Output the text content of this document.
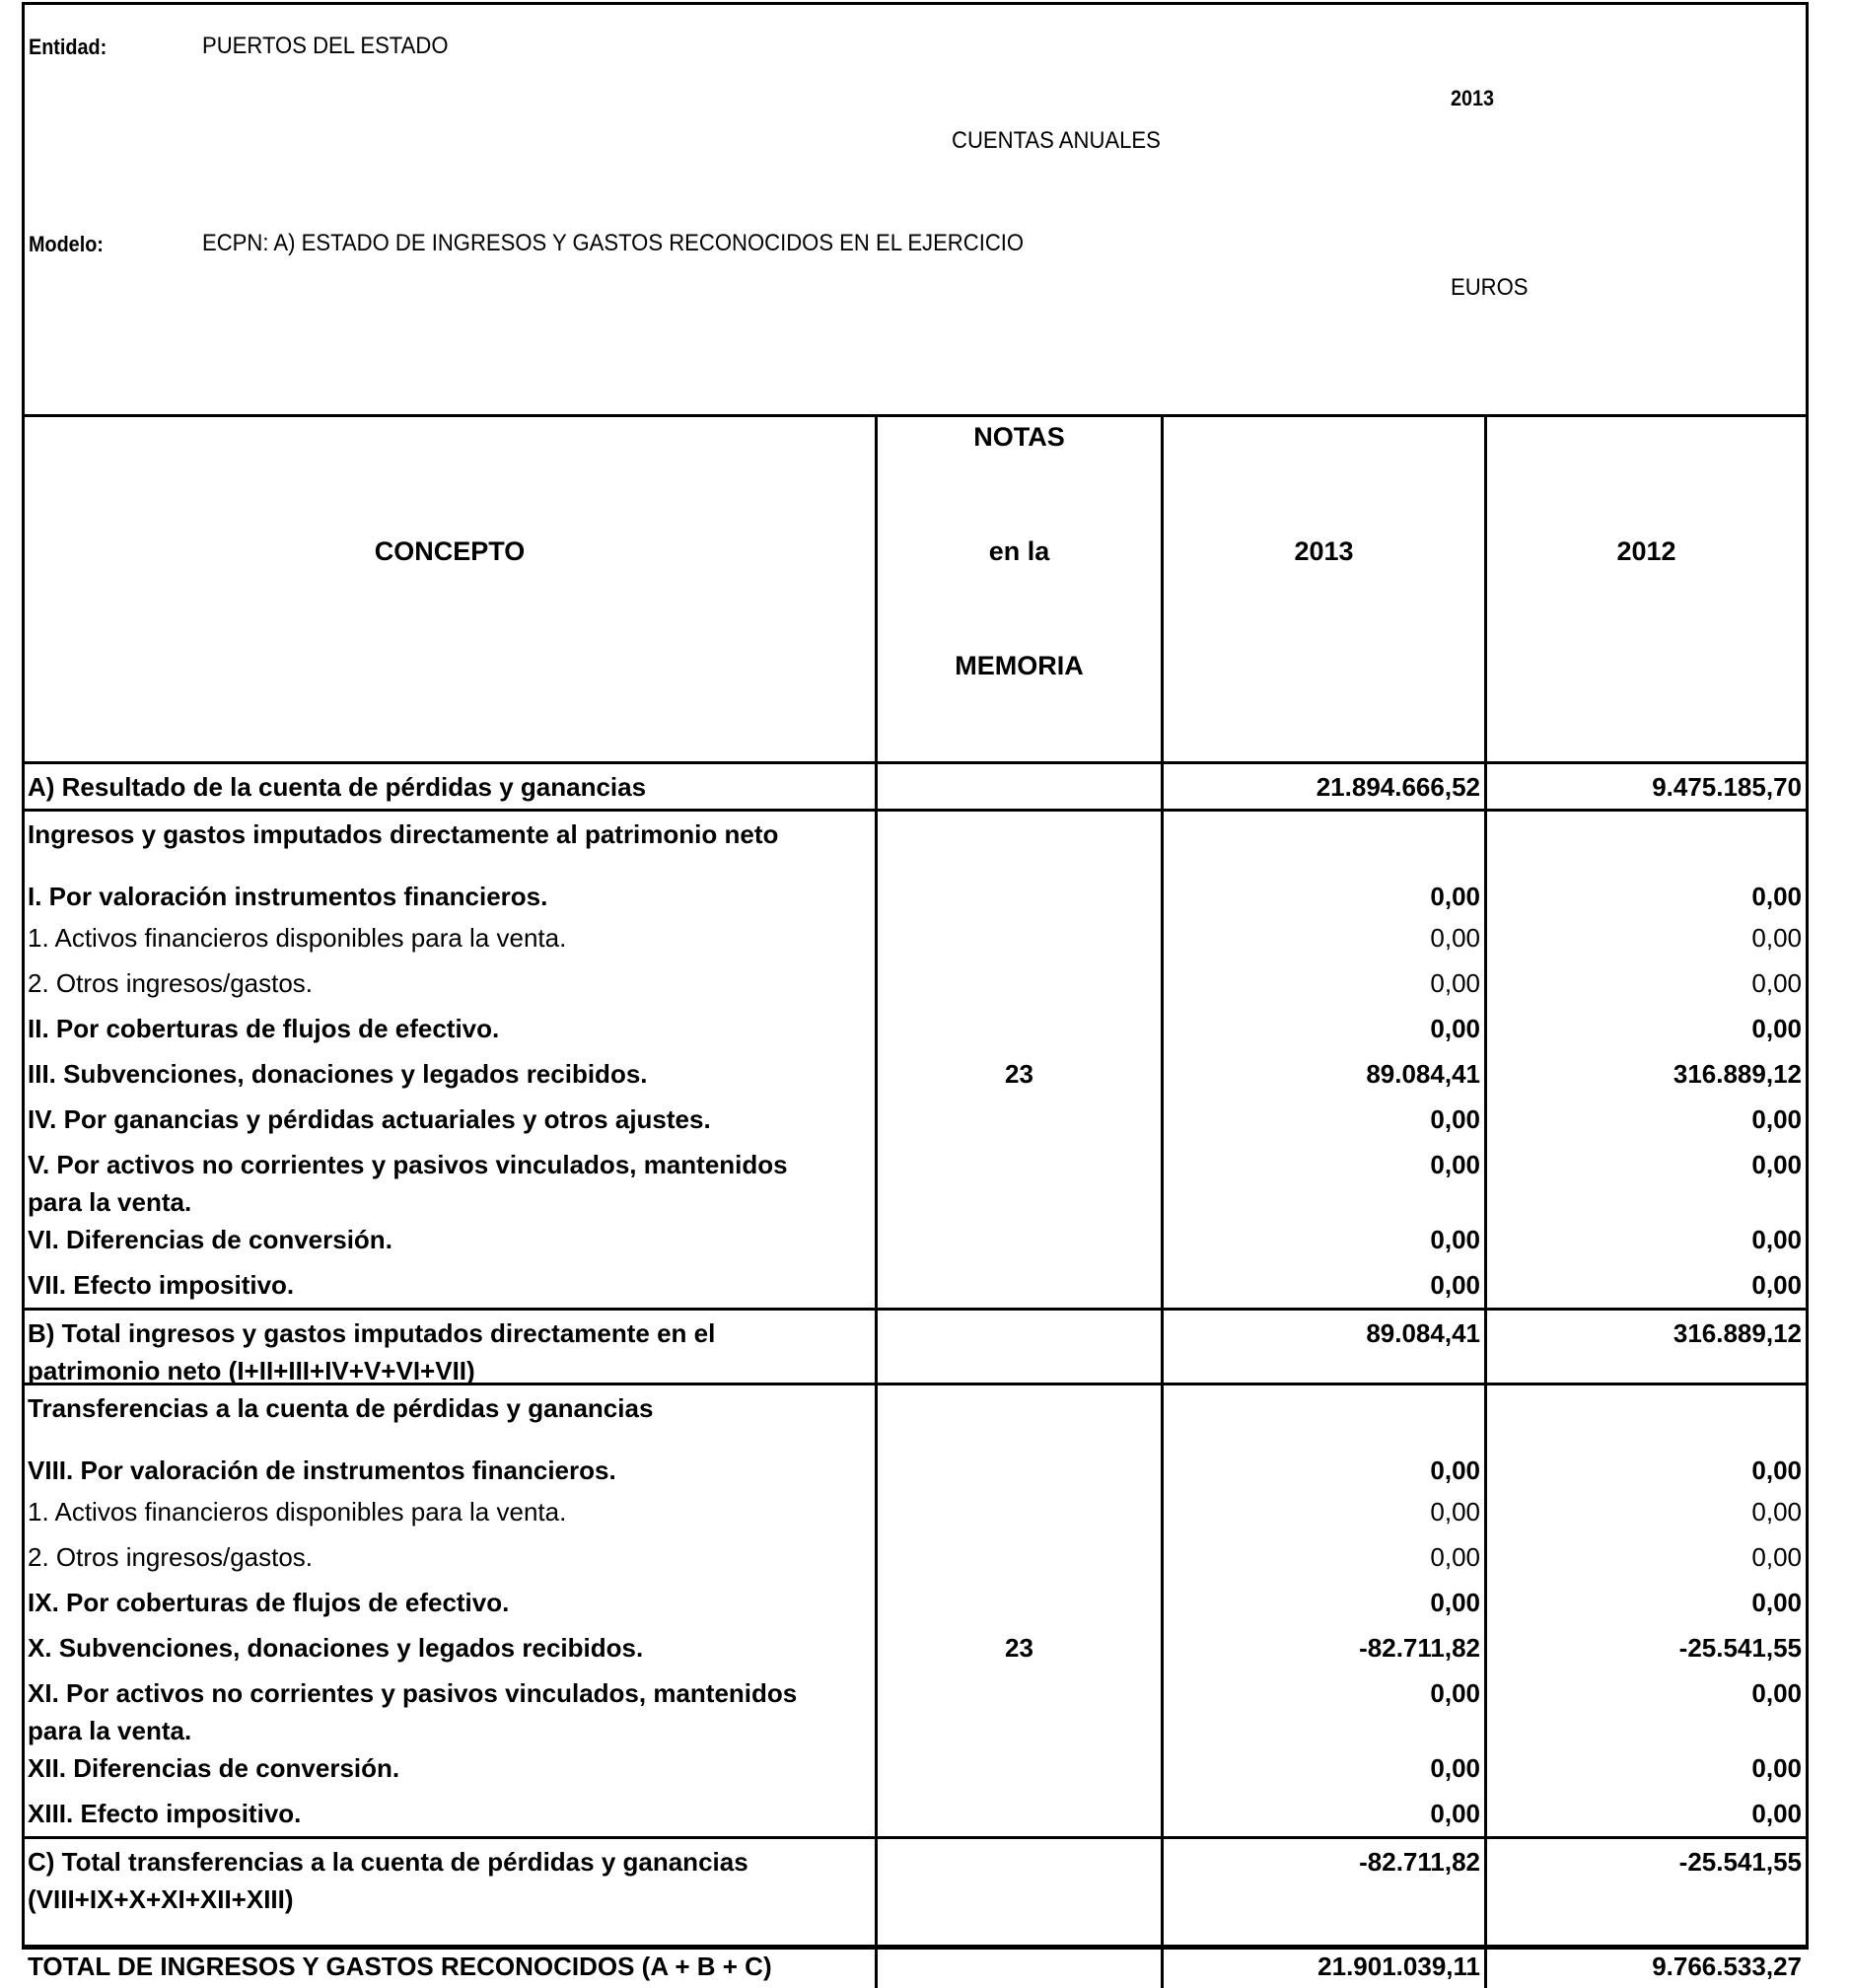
Entidad:	PUERTOS DEL ESTADO
2013
CUENTAS ANUALES
Modelo:	ECPN: A) ESTADO DE INGRESOS Y GASTOS RECONOCIDOS EN EL EJERCICIO
EUROS
CONCEPTO
NOTAS
en la
MEMORIA
2013	2012
A) Resultado de la cuenta de pérdidas y ganancias	21.894.666,52	9.475.185,70
Ingresos y gastos imputados directamente al patrimonio neto
I. Por valoración instrumentos financieros.	0,00	0,00
1. Activos financieros disponibles para la venta.	0,00	0,00
2. Otros ingresos/gastos.	0,00	0,00
II. Por coberturas de flujos de efectivo.	0,00	0,00
III. Subvenciones, donaciones y legados recibidos.	23	89.084,41	316.889,12
IV. Por ganancias y pérdidas actuariales y otros ajustes.	0,00	0,00
V. Por activos no corrientes y pasivos vinculados, mantenidos
para la venta.
0,00	0,00
VI. Diferencias de conversión.	0,00	0,00
VII. Efecto impositivo.	0,00	0,00
B) Total ingresos y gastos imputados directamente en el
patrimonio neto (I+II+III+IV+V+VI+VII)
89.084,41	316.889,12
Transferencias a la cuenta de pérdidas y ganancias
VIII. Por valoración de instrumentos financieros.	0,00	0,00
1. Activos financieros disponibles para la venta.	0,00	0,00
2. Otros ingresos/gastos.	0,00	0,00
IX. Por coberturas de flujos de efectivo.	0,00	0,00
X. Subvenciones, donaciones y legados recibidos.	23	-82.711,82	-25.541,55
XI. Por activos no corrientes y pasivos vinculados, mantenidos
para la venta.
0,00	0,00
XII. Diferencias de conversión.	0,00	0,00
XIII. Efecto impositivo.	0,00	0,00
C) Total transferencias a la cuenta de pérdidas y ganancias
(VIII+IX+X+XI+XII+XIII)
-82.711,82	-25.541,55
TOTAL DE INGRESOS Y GASTOS RECONOCIDOS (A + B + C)	21.901.039,11	9.766.533,27
